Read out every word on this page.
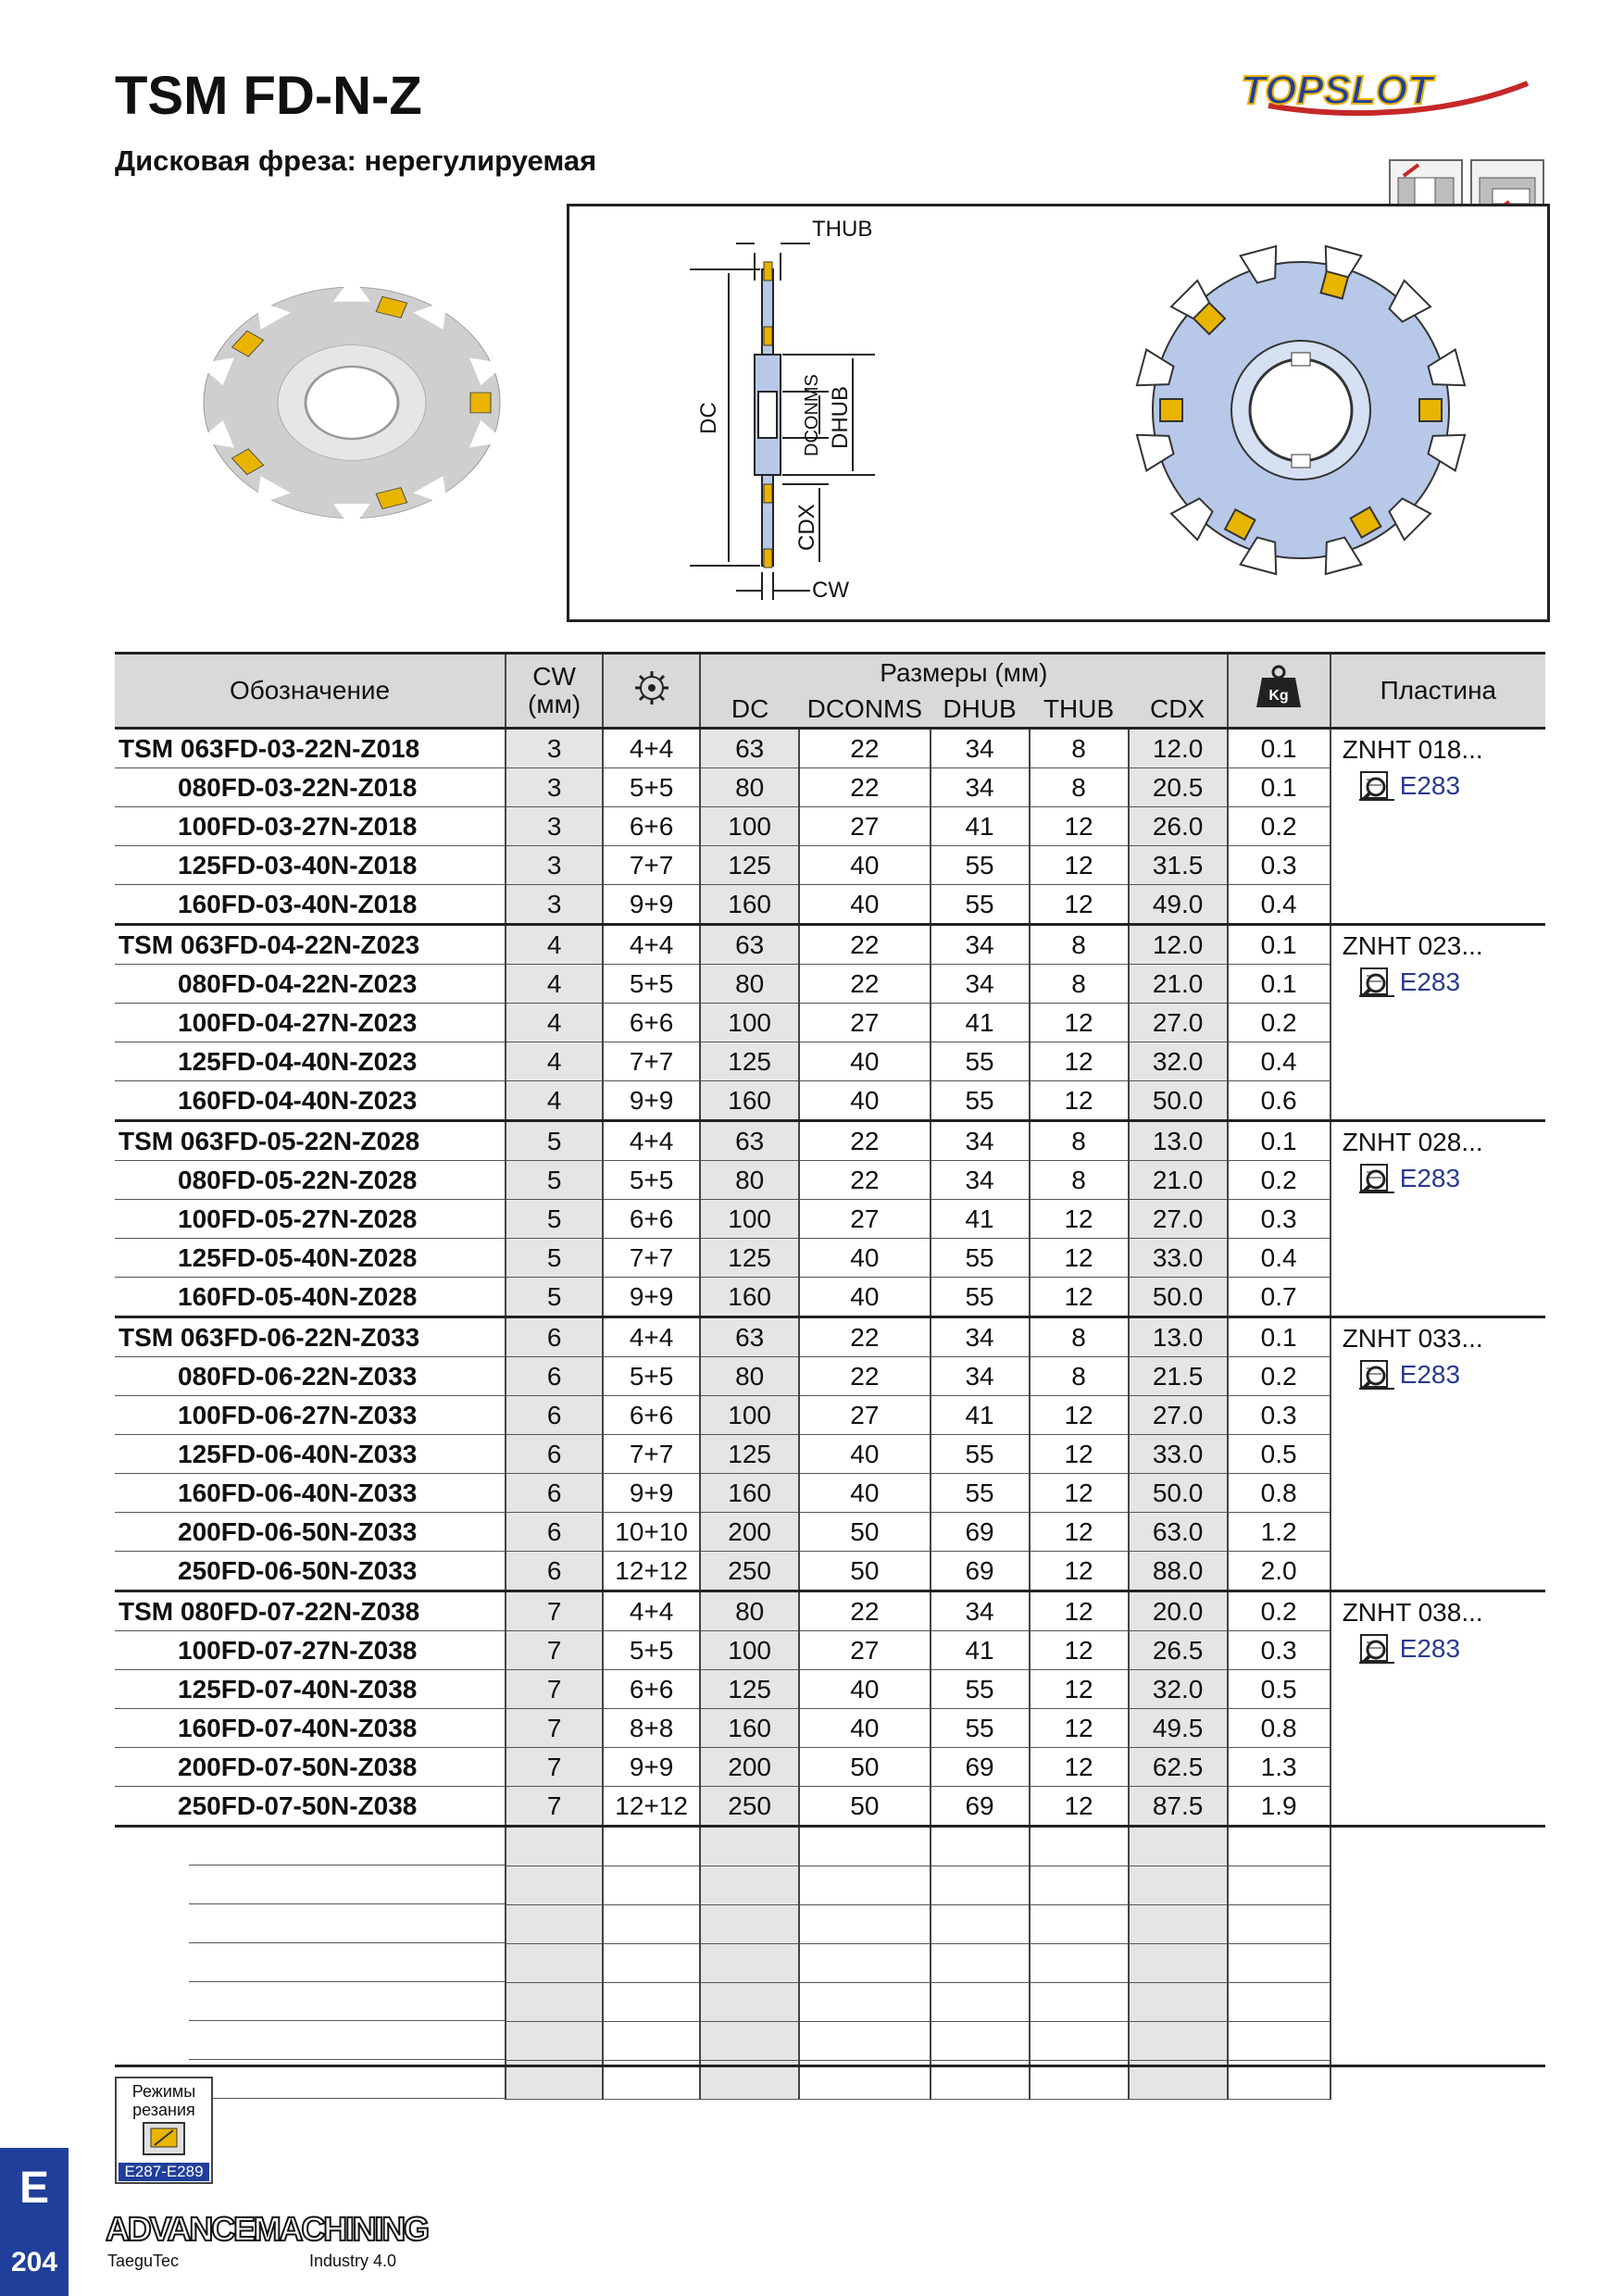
TSM FD-N-Z
Дисковая фреза: нерегулируемая
TOPSLOT
THUB
DC	DCONMS DHUB
CDX
CW
Обозначение	CW
(мм)		Размеры (мм)					Kg	Пластина
			DC	DCONMS	DHUB	THUB	CDX		
TSM 063FD-03-22N-Z018	3	4+4	63	22	34	8	12.0	0.1	ZNHT 018...
E283

080FD-03-22N-Z018	3	5+5	80	22	34	8	20.5	0.1	
100FD-03-27N-Z018	3	6+6	100	27	41	12	26.0	0.2	
125FD-03-40N-Z018	3	7+7	125	40	55	12	31.5	0.3	
160FD-03-40N-Z018	3	9+9	160	40	55	12	49.0	0.4	
TSM 063FD-04-22N-Z023	4	4+4	63	22	34	8	12.0	0.1	ZNHT 023...
E283

080FD-04-22N-Z023	4	5+5	80	22	34	8	21.0	0.1	
100FD-04-27N-Z023	4	6+6	100	27	41	12	27.0	0.2	
125FD-04-40N-Z023	4	7+7	125	40	55	12	32.0	0.4	
160FD-04-40N-Z023	4	9+9	160	40	55	12	50.0	0.6	
TSM 063FD-05-22N-Z028	5	4+4	63	22	34	8	13.0	0.1	ZNHT 028...
E283

080FD-05-22N-Z028	5	5+5	80	22	34	8	21.0	0.2	
100FD-05-27N-Z028	5	6+6	100	27	41	12	27.0	0.3	
125FD-05-40N-Z028	5	7+7	125	40	55	12	33.0	0.4	
160FD-05-40N-Z028	5	9+9	160	40	55	12	50.0	0.7	
TSM 063FD-06-22N-Z033	6	4+4	63	22	34	8	13.0	0.1	ZNHT 033...
E283

080FD-06-22N-Z033	6	5+5	80	22	34	8	21.5	0.2	
100FD-06-27N-Z033	6	6+6	100	27	41	12	27.0	0.3	
125FD-06-40N-Z033	6	7+7	125	40	55	12	33.0	0.5	
160FD-06-40N-Z033	6	9+9	160	40	55	12	50.0	0.8	
200FD-06-50N-Z033	6	10+10	200	50	69	12	63.0	1.2	
250FD-06-50N-Z033	6	12+12	250	50	69	12	88.0	2.0	
TSM 080FD-07-22N-Z038	7	4+4	80	22	34	12	20.0	0.2	ZNHT 038...
E283

100FD-07-27N-Z038	7	5+5	100	27	41	12	26.5	0.3	
125FD-07-40N-Z038	7	6+6	125	40	55	12	32.0	0.5	
160FD-07-40N-Z038	7	8+8	160	40	55	12	49.5	0.8	
200FD-07-50N-Z038	7	9+9	200	50	69	12	62.5	1.3	
250FD-07-50N-Z038	7	12+12	250	50	69	12	87.5	1.9	

Режимы резания
E287-E289
E
204
ADVANCEMACHINING
TaeguTec	Industry 4.0
